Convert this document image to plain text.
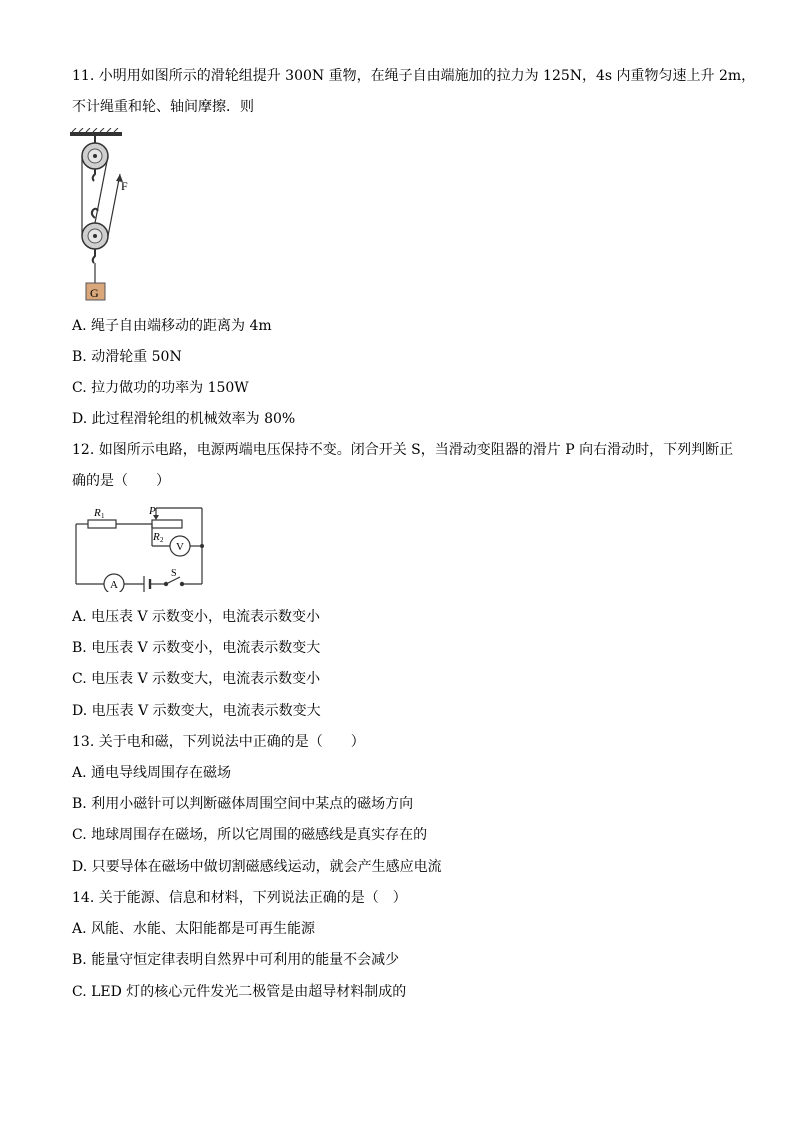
11. 小明用如图所示的滑轮组提升 300N 重物，在绳子自由端施加的拉力为 125N，4s 内重物匀速上升 2m，
不计绳重和轮、轴间摩擦．则
F
G
A. 绳子自由端移动的距离为 4m
B. 动滑轮重 50N
C. 拉力做功的功率为 150W
D. 此过程滑轮组的机械效率为 80%
12. 如图所示电路，电源两端电压保持不变。闭合开关 S，当滑动变阻器的滑片 P 向右滑动时，下列判断正
确的是（　　）
R 1	P
R 2
V
A
S
A. 电压表 V 示数变小，电流表示数变小
B. 电压表 V 示数变小，电流表示数变大
C. 电压表 V 示数变大，电流表示数变小
D. 电压表 V 示数变大，电流表示数变大
13. 关于电和磁，下列说法中正确的是（　　）
A. 通电导线周围存在磁场
B. 利用小磁针可以判断磁体周围空间中某点的磁场方向
C. 地球周围存在磁场，所以它周围的磁感线是真实存在的
D. 只要导体在磁场中做切割磁感线运动，就会产生感应电流
14. 关于能源、信息和材料，下列说法正确的是（　）
A. 风能、水能、太阳能都是可再生能源
B. 能量守恒定律表明自然界中可利用的能量不会减少
C. LED 灯的核心元件发光二极管是由超导材料制成的
